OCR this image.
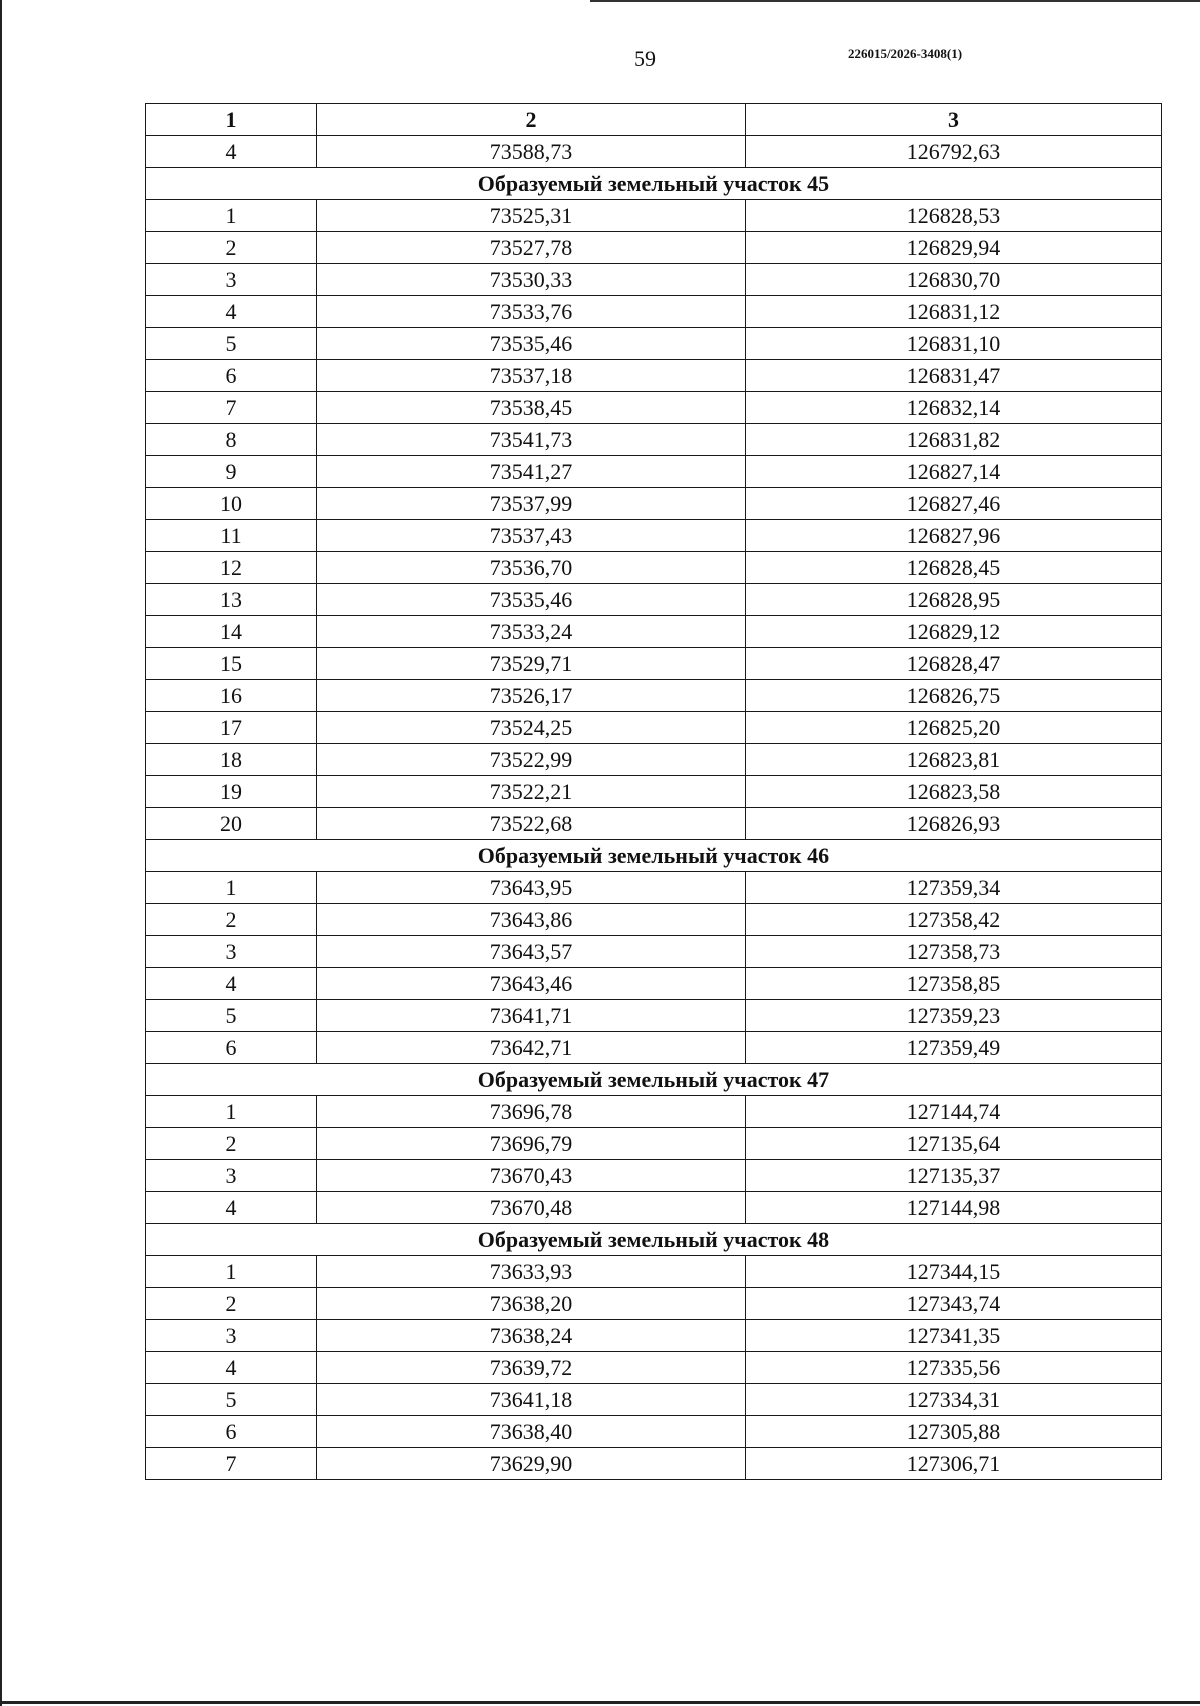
59	226015/2026-3408(1)
1	2	3
4	73588,73	126792,63
Образуемый земельный участок 45		
1	73525,31	126828,53
2	73527,78	126829,94
3	73530,33	126830,70
4	73533,76	126831,12
5	73535,46	126831,10
6	73537,18	126831,47
7	73538,45	126832,14
8	73541,73	126831,82
9	73541,27	126827,14
10	73537,99	126827,46
11	73537,43	126827,96
12	73536,70	126828,45
13	73535,46	126828,95
14	73533,24	126829,12
15	73529,71	126828,47
16	73526,17	126826,75
17	73524,25	126825,20
18	73522,99	126823,81
19	73522,21	126823,58
20	73522,68	126826,93
Образуемый земельный участок 46		
1	73643,95	127359,34
2	73643,86	127358,42
3	73643,57	127358,73
4	73643,46	127358,85
5	73641,71	127359,23
6	73642,71	127359,49
Образуемый земельный участок 47		
1	73696,78	127144,74
2	73696,79	127135,64
3	73670,43	127135,37
4	73670,48	127144,98
Образуемый земельный участок 48		
1	73633,93	127344,15
2	73638,20	127343,74
3	73638,24	127341,35
4	73639,72	127335,56
5	73641,18	127334,31
6	73638,40	127305,88
7	73629,90	127306,71
